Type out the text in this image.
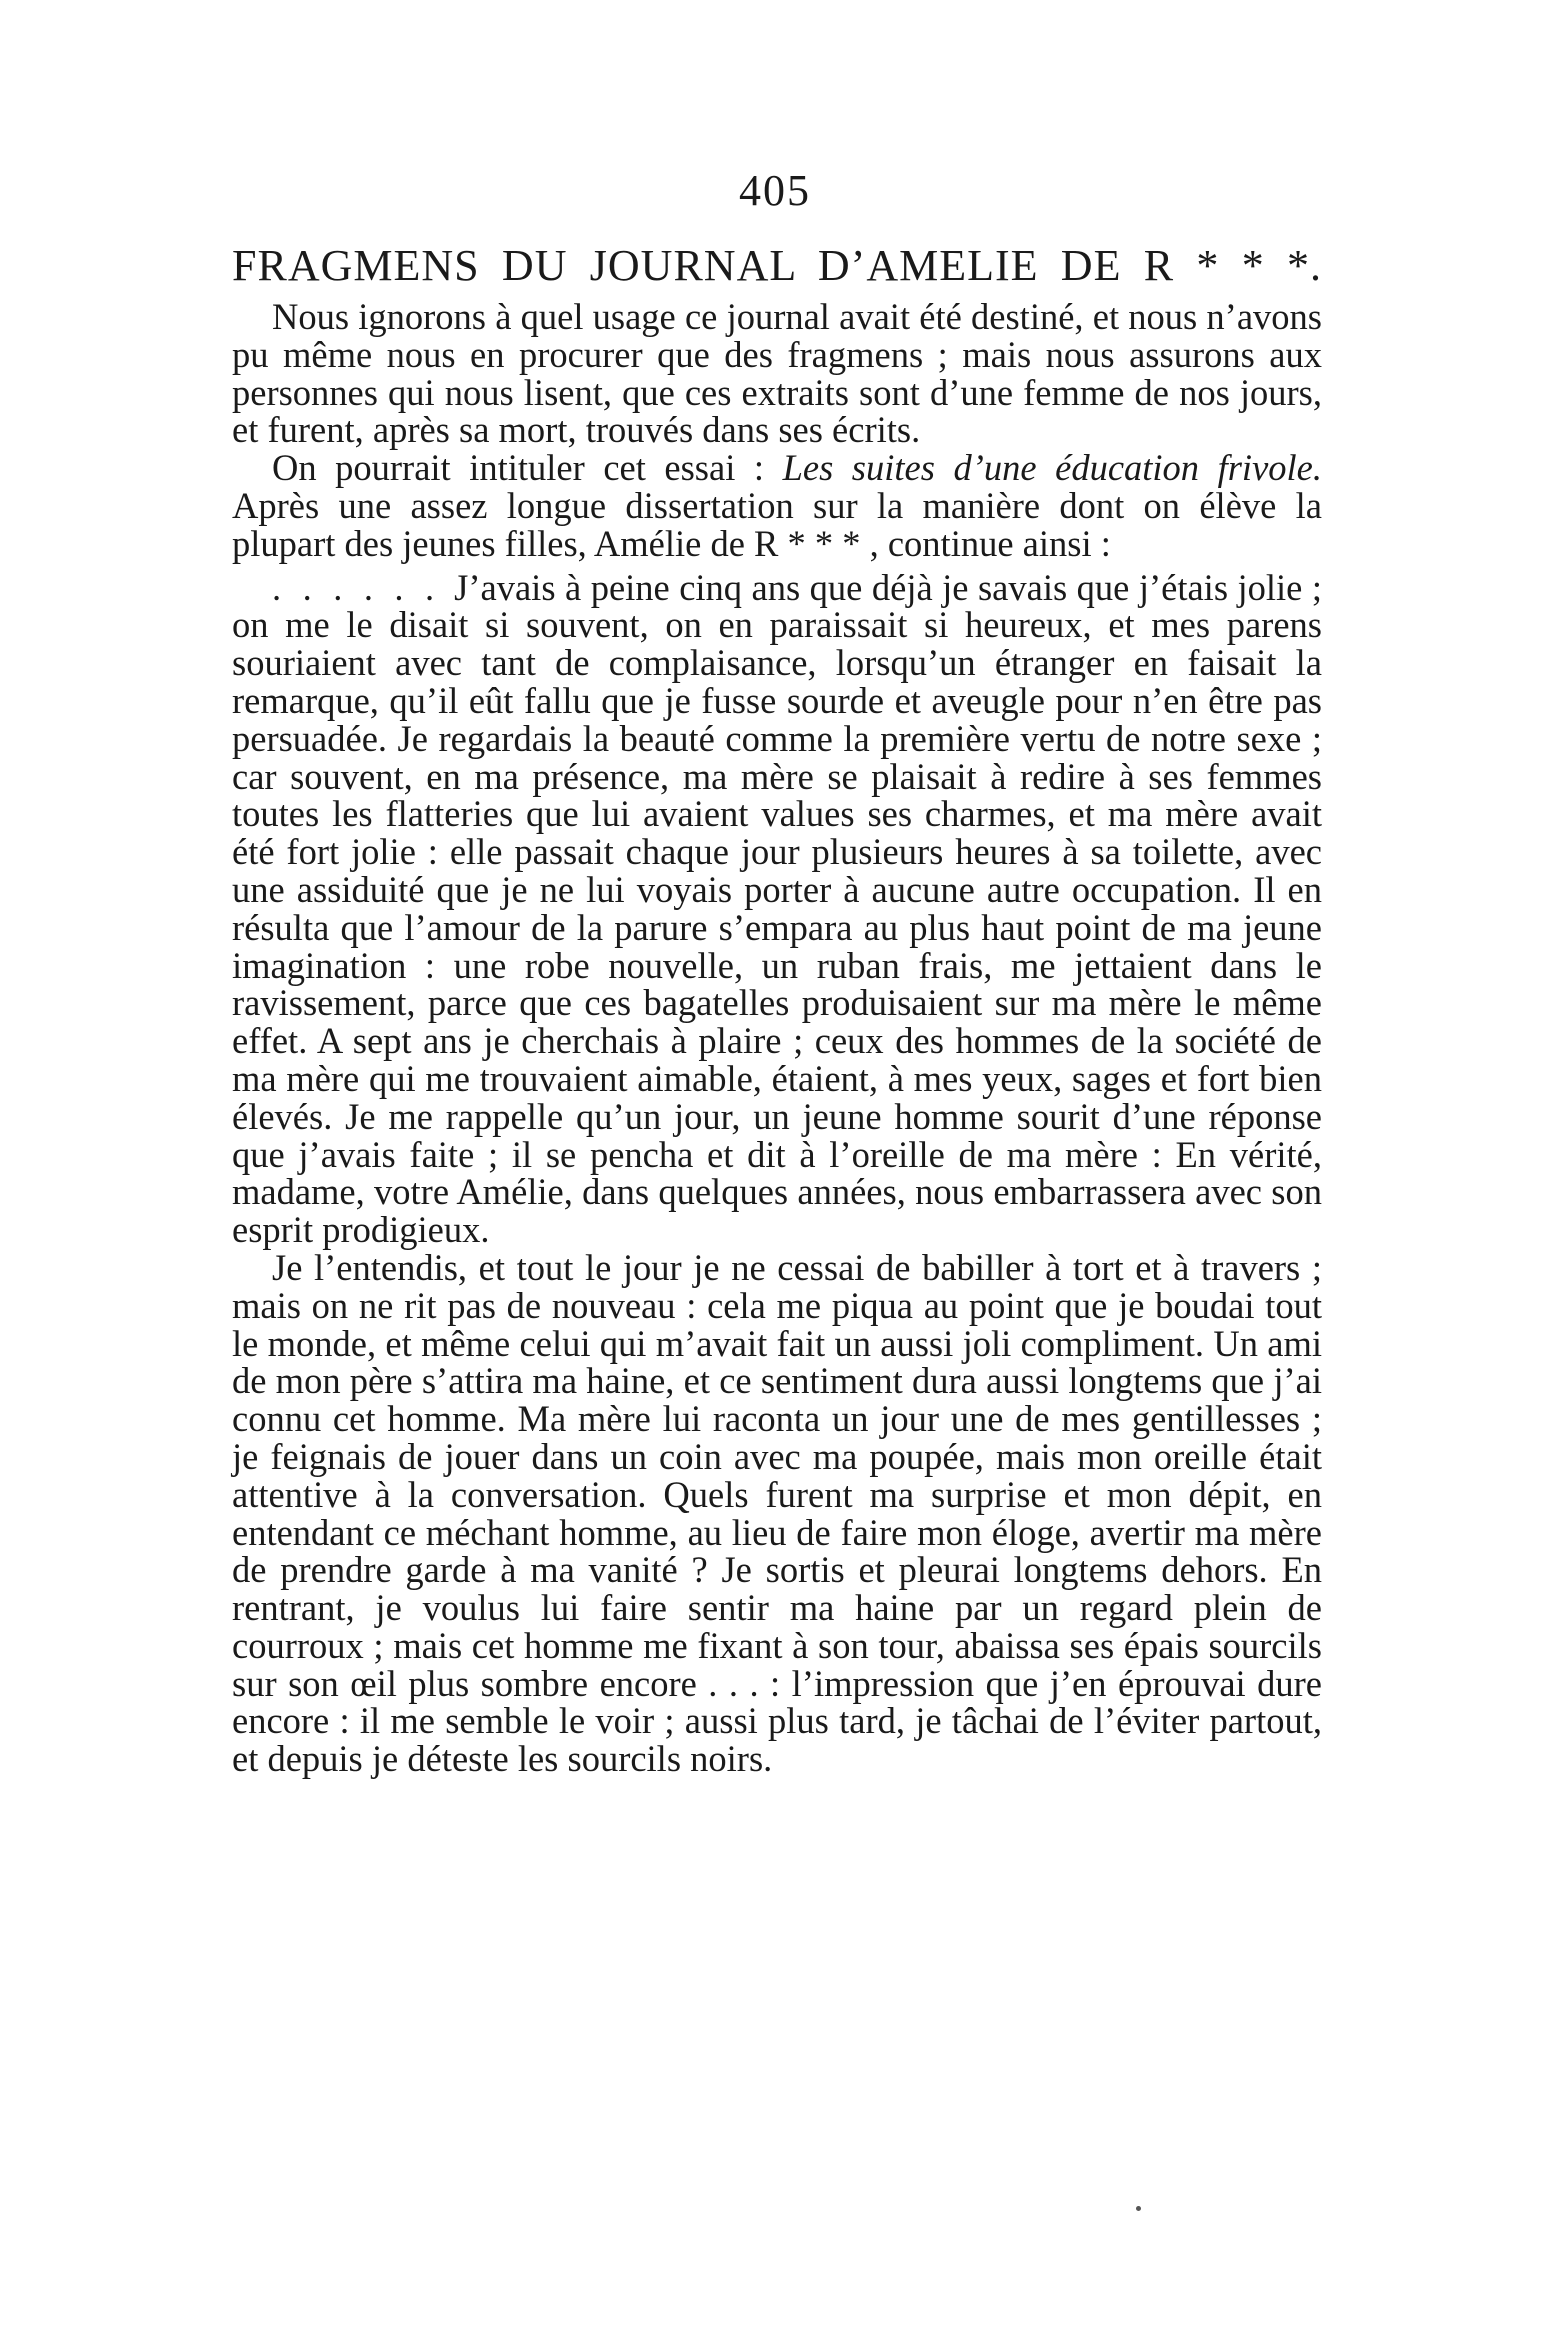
405
FRAGMENS DU JOURNAL D’AMELIE DE R * * *.

Nous ignorons à quel usage ce journal avait été destiné, et nous n’avons pu même nous en procurer que des fragmens ; mais nous assurons aux personnes qui nous lisent, que ces extraits sont d’une femme de nos jours, et furent, après sa mort, trouvés dans ses écrits.

On pourrait intituler cet essai : Les suites d’une éducation frivole. Après une assez longue dissertation sur la manière dont on élève la plupart des jeunes filles, Amélie de R * * * , continue ainsi :

. . . . . . J’avais à peine cinq ans que déjà je savais que j’étais jolie ; on me le disait si souvent, on en paraissait si heureux, et mes parens souriaient avec tant de complaisance, lorsqu’un étranger en faisait la remarque, qu’il eût fallu que je fusse sourde et aveugle pour n’en être pas persuadée. Je regardais la beauté comme la première vertu de notre sexe ; car souvent, en ma présence, ma mère se plaisait à redire à ses femmes toutes les flatteries que lui avaient values ses charmes, et ma mère avait été fort jolie : elle passait chaque jour plusieurs heures à sa toilette, avec une assiduité que je ne lui voyais porter à aucune autre occupation. Il en résulta que l’amour de la parure s’empara au plus haut point de ma jeune imagination : une robe nouvelle, un ruban frais, me jettaient dans le ravissement, parce que ces bagatelles produisaient sur ma mère le même effet. A sept ans je cherchais à plaire ; ceux des hommes de la société de ma mère qui me trouvaient aimable, étaient, à mes yeux, sages et fort bien élevés. Je me rappelle qu’un jour, un jeune homme sourit d’une réponse que j’avais faite ; il se pencha et dit à l’oreille de ma mère : En vérité, madame, votre Amélie, dans quelques années, nous embarrassera avec son esprit prodigieux.

Je l’entendis, et tout le jour je ne cessai de babiller à tort et à travers ; mais on ne rit pas de nouveau : cela me piqua au point que je boudai tout le monde, et même celui qui m’avait fait un aussi joli compliment. Un ami de mon père s’attira ma haine, et ce sentiment dura aussi longtems que j’ai connu cet homme. Ma mère lui raconta un jour une de mes gentillesses ; je feignais de jouer dans un coin avec ma poupée, mais mon oreille était attentive à la conversation. Quels furent ma surprise et mon dépit, en entendant ce méchant homme, au lieu de faire mon éloge, avertir ma mère de prendre garde à ma vanité ? Je sortis et pleurai longtems dehors. En rentrant, je voulus lui faire sentir ma haine par un regard plein de courroux ; mais cet homme me fixant à son tour, abaissa ses épais sourcils sur son œil plus sombre encore . . . : l’impression que j’en éprouvai dure encore : il me semble le voir ; aussi plus tard, je tâchai de l’éviter partout, et depuis je déteste les sourcils noirs.
